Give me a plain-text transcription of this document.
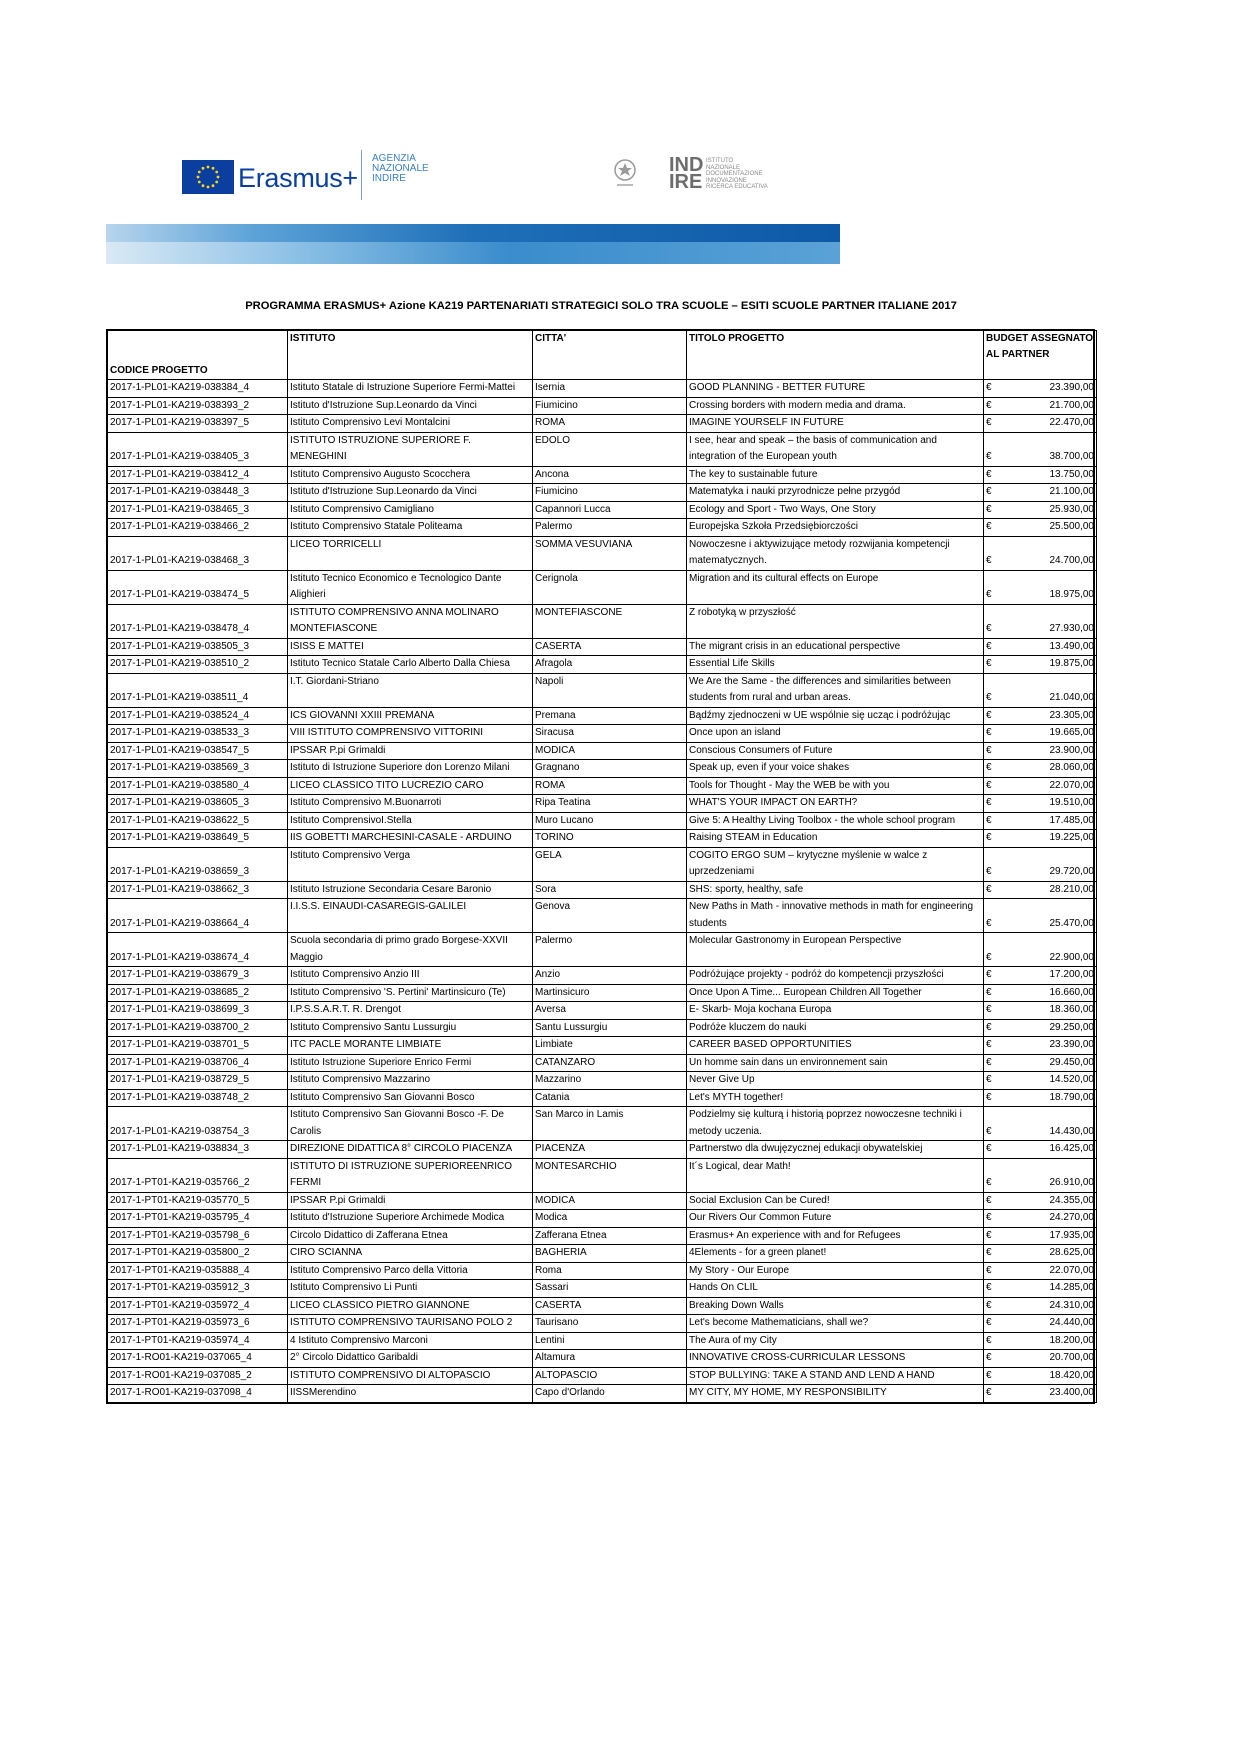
Erasmus+
AGENZIA
NAZIONALE
INDIRE
IND
IRE
ISTITUTO
NAZIONALE
DOCUMENTAZIONE
INNOVAZIONE
RICERCA EDUCATIVA
PROGRAMMA ERASMUS+ Azione KA219 PARTENARIATI STRATEGICI SOLO TRA SCUOLE – ESITI SCUOLE PARTNER ITALIANE 2017
CODICE PROGETTO	ISTITUTO	CITTA'	TITOLO PROGETTO	BUDGET ASSEGNATO AL PARTNER
2017-1-PL01-KA219-038384_4	Istituto Statale di Istruzione Superiore Fermi-Mattei	Isernia	GOOD PLANNING - BETTER FUTURE	€ 23.390,00

2017-1-PL01-KA219-038393_2	Istituto d'Istruzione Sup.Leonardo da Vinci	Fiumicino	Crossing borders with modern media and drama.	€ 21.700,00

2017-1-PL01-KA219-038397_5	Istituto Comprensivo Levi Montalcini	ROMA	IMAGINE YOURSELF IN FUTURE	€ 22.470,00

2017-1-PL01-KA219-038405_3	ISTITUTO ISTRUZIONE SUPERIORE F. MENEGHINI	EDOLO	I see, hear and speak – the basis of communication and integration of the European youth	€ 38.700,00

2017-1-PL01-KA219-038412_4	Istituto Comprensivo Augusto Scocchera	Ancona	The key to sustainable future	€ 13.750,00

2017-1-PL01-KA219-038448_3	Istituto d'Istruzione Sup.Leonardo da Vinci	Fiumicino	Matematyka i nauki przyrodnicze pełne przygód	€ 21.100,00

2017-1-PL01-KA219-038465_3	Istituto Comprensivo Camigliano	Capannori Lucca	Ecology and Sport - Two Ways, One Story	€ 25.930,00

2017-1-PL01-KA219-038466_2	Istituto Comprensivo Statale Politeama	Palermo	Europejska Szkoła Przedsiębiorczości	€ 25.500,00

2017-1-PL01-KA219-038468_3	LICEO TORRICELLI	SOMMA VESUVIANA	Nowoczesne i aktywizujące metody rozwijania kompetencji matematycznych.	€ 24.700,00

2017-1-PL01-KA219-038474_5	Istituto Tecnico Economico e Tecnologico Dante Alighieri	Cerignola	Migration and its cultural effects on Europe	€ 18.975,00

2017-1-PL01-KA219-038478_4	ISTITUTO COMPRENSIVO ANNA MOLINARO MONTEFIASCONE	MONTEFIASCONE	Z robotyką w przyszłość	€ 27.930,00

2017-1-PL01-KA219-038505_3	ISISS E MATTEI	CASERTA	The migrant crisis in an educational perspective	€ 13.490,00

2017-1-PL01-KA219-038510_2	Istituto Tecnico Statale Carlo Alberto Dalla Chiesa	Afragola	Essential Life Skills	€ 19.875,00

2017-1-PL01-KA219-038511_4	I.T. Giordani-Striano	Napoli	We Are the Same - the differences and similarities between students from rural and urban areas.	€ 21.040,00

2017-1-PL01-KA219-038524_4	ICS GIOVANNI XXIII PREMANA	Premana	Bądźmy zjednoczeni w UE wspólnie się ucząc i podróżując	€ 23.305,00

2017-1-PL01-KA219-038533_3	VIII ISTITUTO COMPRENSIVO VITTORINI	Siracusa	Once upon an island	€ 19.665,00

2017-1-PL01-KA219-038547_5	IPSSAR P.pi Grimaldi	MODICA	Conscious Consumers of Future	€ 23.900,00

2017-1-PL01-KA219-038569_3	Istituto di Istruzione Superiore don Lorenzo Milani	Gragnano	Speak up, even if your voice shakes	€ 28.060,00

2017-1-PL01-KA219-038580_4	LICEO CLASSICO TITO LUCREZIO CARO	ROMA	Tools for Thought - May the WEB be with you	€ 22.070,00

2017-1-PL01-KA219-038605_3	Istituto Comprensivo M.Buonarroti	Ripa Teatina	WHAT'S YOUR IMPACT ON EARTH?	€ 19.510,00

2017-1-PL01-KA219-038622_5	Istituto ComprensivoI.Stella	Muro Lucano	Give 5: A Healthy Living Toolbox - the whole school program	€ 17.485,00

2017-1-PL01-KA219-038649_5	IIS GOBETTI MARCHESINI-CASALE - ARDUINO	TORINO	Raising STEAM in Education	€ 19.225,00

2017-1-PL01-KA219-038659_3	Istituto Comprensivo Verga	GELA	COGITO ERGO SUM – krytyczne myślenie w walce z uprzedzeniami	€ 29.720,00

2017-1-PL01-KA219-038662_3	Istituto Istruzione Secondaria Cesare Baronio	Sora	SHS: sporty, healthy, safe	€ 28.210,00

2017-1-PL01-KA219-038664_4	I.I.S.S. EINAUDI-CASAREGIS-GALILEI	Genova	New Paths in Math - innovative methods in math for engineering students	€ 25.470,00

2017-1-PL01-KA219-038674_4	Scuola secondaria di primo grado Borgese-XXVII Maggio	Palermo	Molecular Gastronomy in European Perspective	€ 22.900,00

2017-1-PL01-KA219-038679_3	Istituto Comprensivo Anzio III	Anzio	Podróżujące projekty - podróż do kompetencji przyszłości	€ 17.200,00

2017-1-PL01-KA219-038685_2	Istituto Comprensivo 'S. Pertini' Martinsicuro (Te)	Martinsicuro	Once Upon A Time... European Children All Together	€ 16.660,00

2017-1-PL01-KA219-038699_3	I.P.S.S.A.R.T. R. Drengot	Aversa	E- Skarb- Moja kochana Europa	€ 18.360,00

2017-1-PL01-KA219-038700_2	Istituto Comprensivo Santu Lussurgiu	Santu Lussurgiu	Podróże kluczem do nauki	€ 29.250,00

2017-1-PL01-KA219-038701_5	ITC PACLE MORANTE LIMBIATE	Limbiate	CAREER BASED OPPORTUNITIES	€ 23.390,00

2017-1-PL01-KA219-038706_4	Istituto Istruzione Superiore Enrico Fermi	CATANZARO	Un homme sain dans un environnement sain	€ 29.450,00

2017-1-PL01-KA219-038729_5	Istituto Comprensivo Mazzarino	Mazzarino	Never Give Up	€ 14.520,00

2017-1-PL01-KA219-038748_2	Istituto Comprensivo San Giovanni Bosco	Catania	Let's MYTH together!	€ 18.790,00

2017-1-PL01-KA219-038754_3	Istituto Comprensivo San Giovanni Bosco -F. De Carolis	San Marco in Lamis	Podzielmy się kulturą i historią poprzez nowoczesne techniki i metody uczenia.	€ 14.430,00

2017-1-PL01-KA219-038834_3	DIREZIONE DIDATTICA 8° CIRCOLO PIACENZA	PIACENZA	Partnerstwo dla dwujęzycznej edukacji obywatelskiej	€ 16.425,00

2017-1-PT01-KA219-035766_2	ISTITUTO DI ISTRUZIONE SUPERIOREENRICO FERMI	MONTESARCHIO	It´s Logical, dear Math!	€ 26.910,00

2017-1-PT01-KA219-035770_5	IPSSAR P.pi Grimaldi	MODICA	Social Exclusion Can be Cured!	€ 24.355,00

2017-1-PT01-KA219-035795_4	Istituto d'Istruzione Superiore Archimede Modica	Modica	Our Rivers Our Common Future	€ 24.270,00

2017-1-PT01-KA219-035798_6	Circolo Didattico di Zafferana Etnea	Zafferana Etnea	Erasmus+ An experience with and for Refugees	€ 17.935,00

2017-1-PT01-KA219-035800_2	CIRO SCIANNA	BAGHERIA	4Elements - for a green planet!	€ 28.625,00

2017-1-PT01-KA219-035888_4	Istituto Comprensivo Parco della Vittoria	Roma	My Story - Our Europe	€ 22.070,00

2017-1-PT01-KA219-035912_3	Istituto Comprensivo Li Punti	Sassari	Hands On CLIL	€ 14.285,00

2017-1-PT01-KA219-035972_4	LICEO CLASSICO PIETRO GIANNONE	CASERTA	Breaking Down Walls	€ 24.310,00

2017-1-PT01-KA219-035973_6	ISTITUTO COMPRENSIVO TAURISANO POLO 2	Taurisano	Let's become Mathematicians, shall we?	€ 24.440,00

2017-1-PT01-KA219-035974_4	4 Istituto Comprensivo Marconi	Lentini	The Aura of my City	€ 18.200,00

2017-1-RO01-KA219-037065_4	2° Circolo Didattico Garibaldi	Altamura	INNOVATIVE CROSS-CURRICULAR LESSONS	€ 20.700,00

2017-1-RO01-KA219-037085_2	ISTITUTO COMPRENSIVO DI ALTOPASCIO	ALTOPASCIO	STOP BULLYING: TAKE A STAND AND LEND A HAND	€ 18.420,00

2017-1-RO01-KA219-037098_4	IISSMerendino	Capo d'Orlando	MY CITY, MY HOME, MY RESPONSIBILITY	€ 23.400,00
